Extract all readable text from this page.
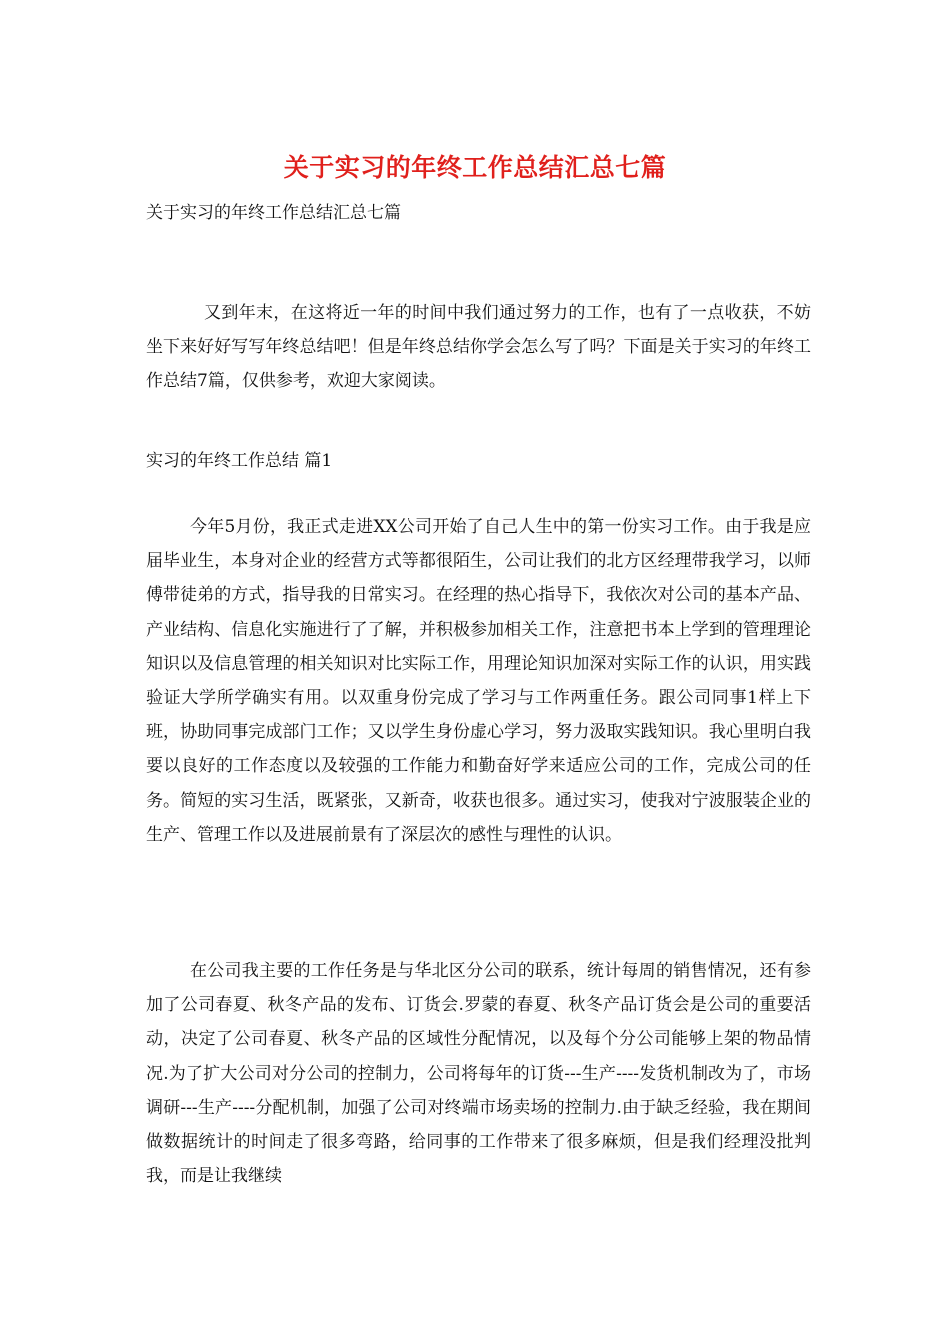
关于实习的年终工作总结汇总七篇

关于实习的年终工作总结汇总七篇

又到年末，在这将近一年的时间中我们通过努力的工作，也有了一点收获，不妨坐下来好好写写年终总结吧！但是年终总结你学会怎么写了吗？下面是关于实习的年终工作总结7篇，仅供参考，欢迎大家阅读。

实习的年终工作总结 篇1

今年5月份，我正式走进XX公司开始了自己人生中的第一份实习工作。由于我是应届毕业生，本身对企业的经营方式等都很陌生，公司让我们的北方区经理带我学习，以师傅带徒弟的方式，指导我的日常实习。在经理的热心指导下，我依次对公司的基本产品、产业结构、信息化实施进行了了解，并积极参加相关工作，注意把书本上学到的管理理论知识以及信息管理的相关知识对比实际工作，用理论知识加深对实际工作的认识，用实践验证大学所学确实有用。以双重身份完成了学习与工作两重任务。跟公司同事1样上下班，协助同事完成部门工作；又以学生身份虚心学习，努力汲取实践知识。我心里明白我要以良好的工作态度以及较强的工作能力和勤奋好学来适应公司的工作，完成公司的任务。简短的实习生活，既紧张，又新奇，收获也很多。通过实习，使我对宁波服装企业的生产、管理工作以及进展前景有了深层次的感性与理性的认识。

在公司我主要的工作任务是与华北区分公司的联系，统计每周的销售情况，还有参加了公司春夏、秋冬产品的发布、订货会.罗蒙的春夏、秋冬产品订货会是公司的重要活动，决定了公司春夏、秋冬产品的区域性分配情况，以及每个分公司能够上架的物品情况.为了扩大公司对分公司的控制力，公司将每年的订货---生产----发货机制改为了，市场调研---生产----分配机制，加强了公司对终端市场卖场的控制力.由于缺乏经验，我在期间做数据统计的时间走了很多弯路，给同事的工作带来了很多麻烦，但是我们经理没批判我，而是让我继续
